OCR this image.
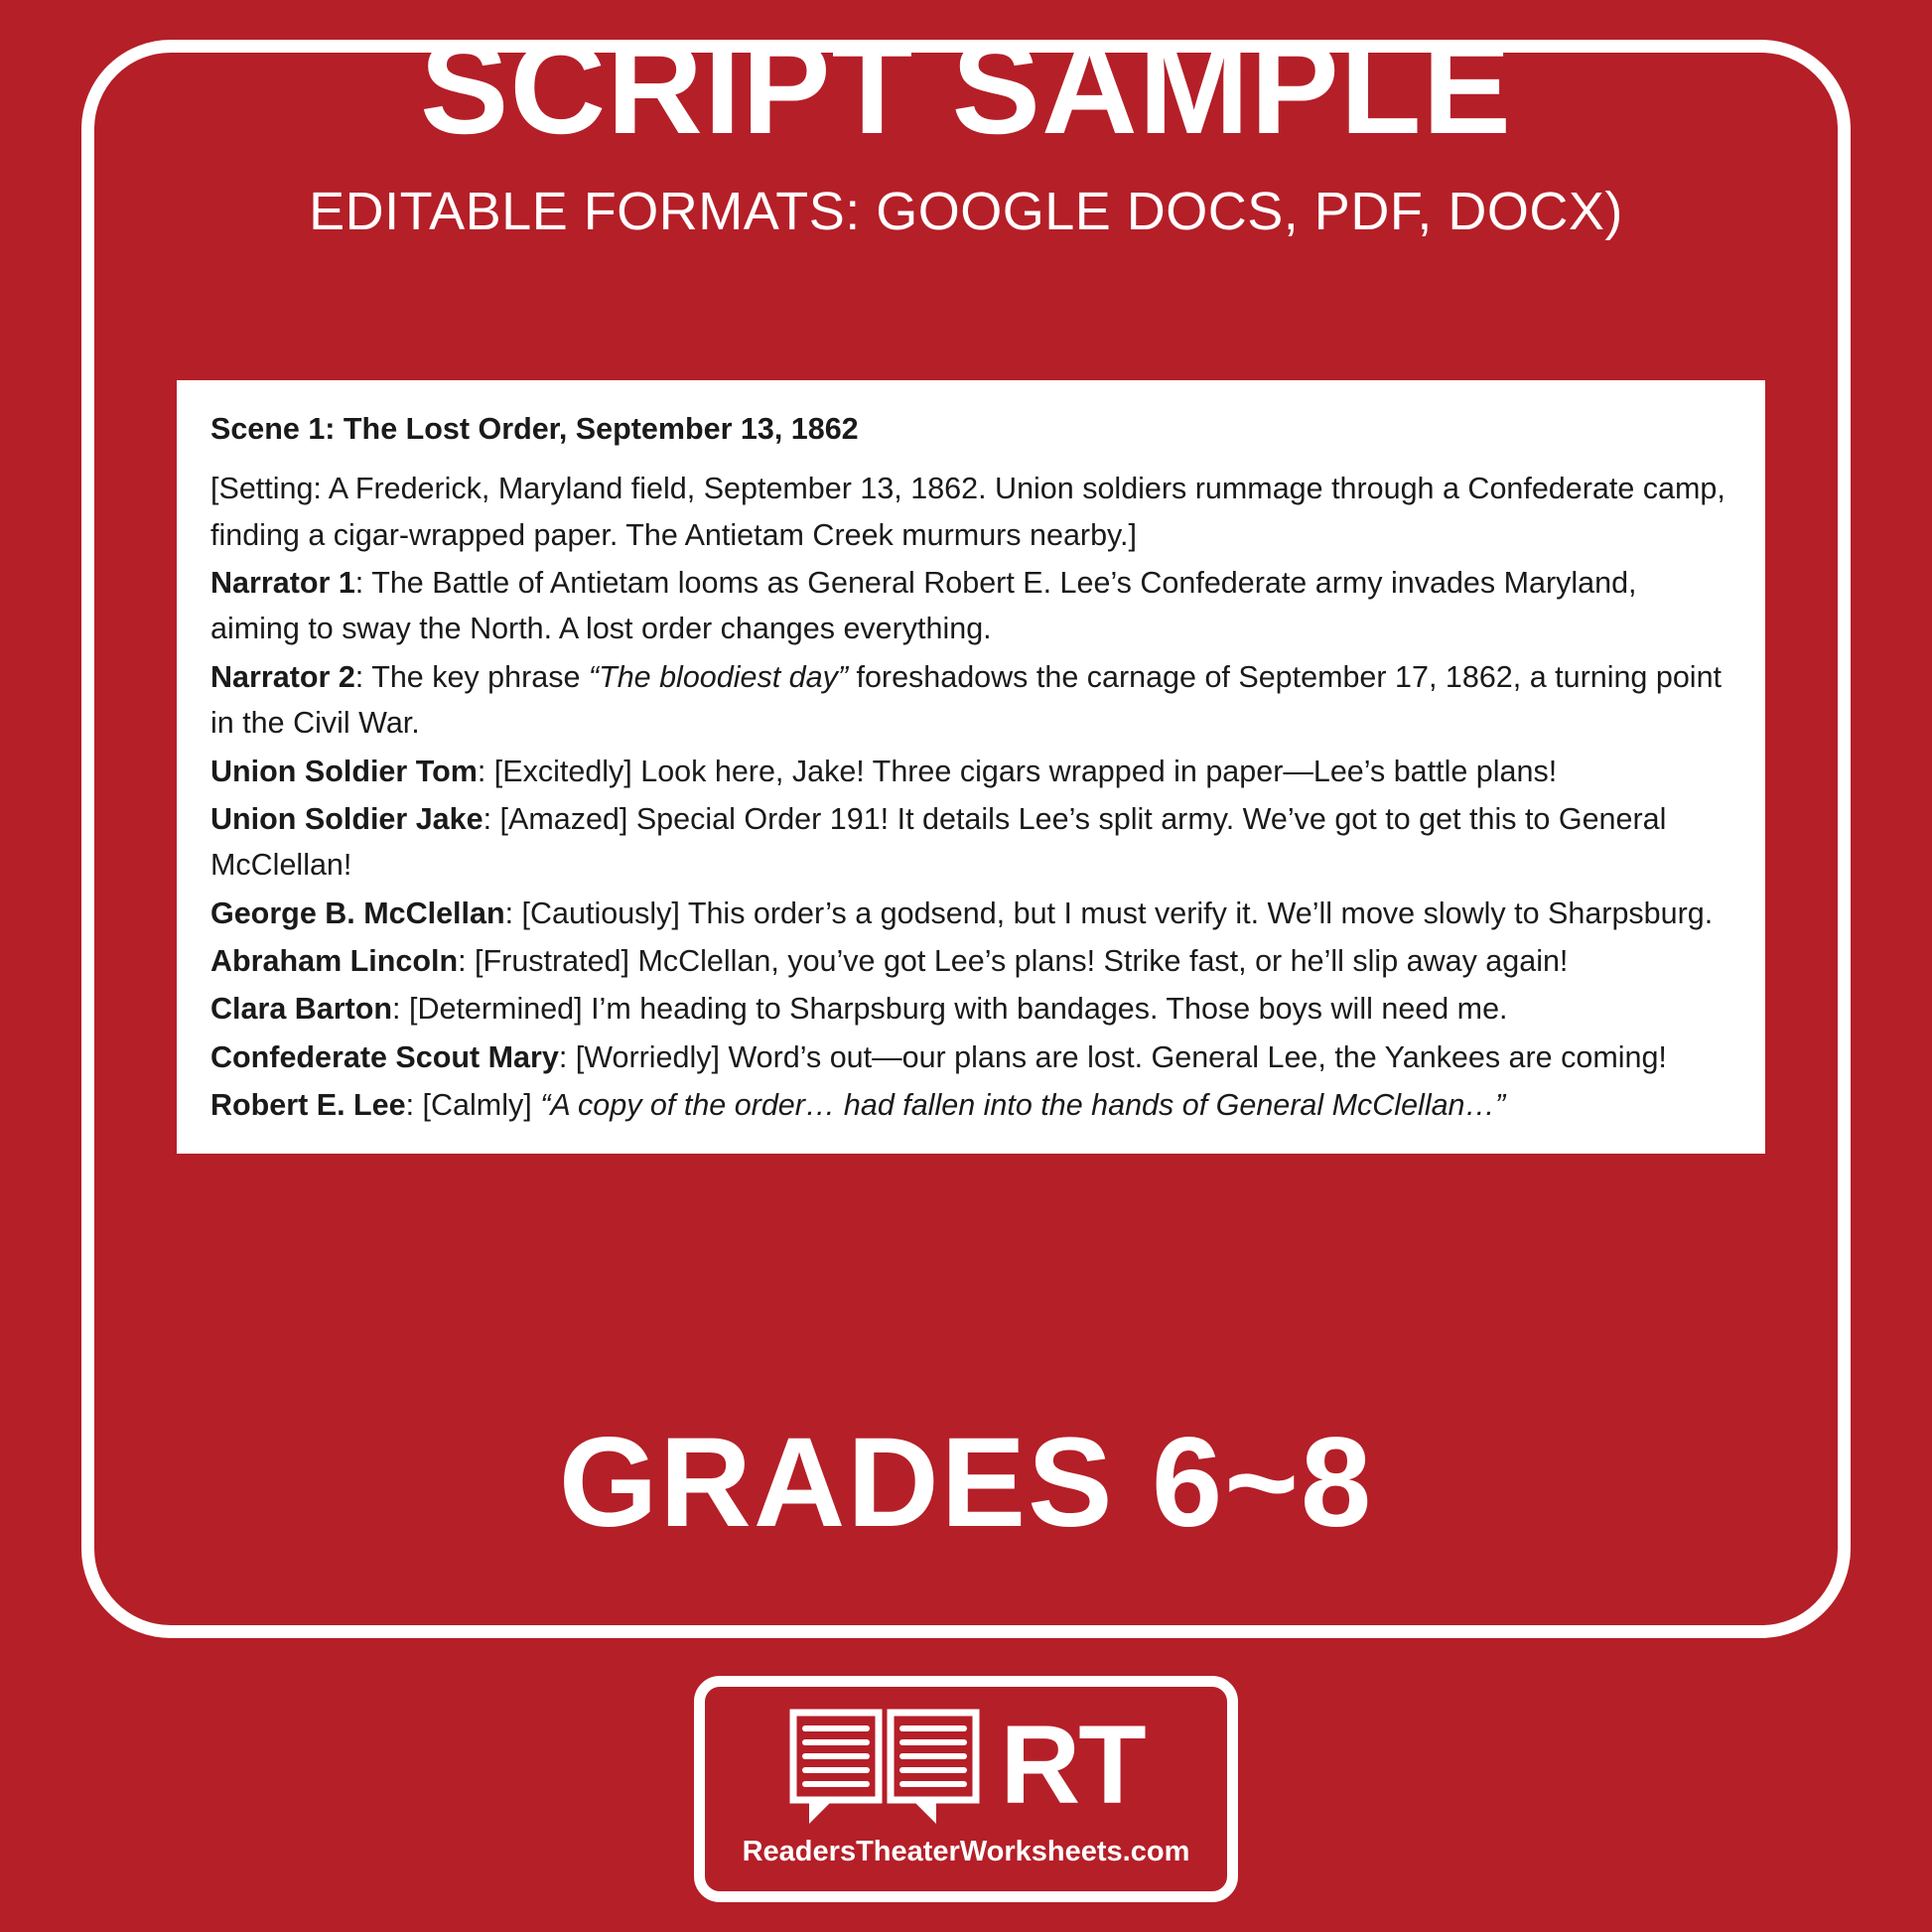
SCRIPT SAMPLE
EDITABLE FORMATS: GOOGLE DOCS, PDF, DOCX)

Scene 1: The Lost Order, September 13, 1862

[Setting: A Frederick, Maryland field, September 13, 1862. Union soldiers rummage through a Confederate camp, finding a cigar-wrapped paper. The Antietam Creek murmurs nearby.]

Narrator 1: The Battle of Antietam looms as General Robert E. Lee’s Confederate army invades Maryland, aiming to sway the North. A lost order changes everything.

Narrator 2: The key phrase “The bloodiest day” foreshadows the carnage of September 17, 1862, a turning point in the Civil War.

Union Soldier Tom: [Excitedly] Look here, Jake! Three cigars wrapped in paper—Lee’s battle plans!

Union Soldier Jake: [Amazed] Special Order 191! It details Lee’s split army. We’ve got to get this to General McClellan!

George B. McClellan: [Cautiously] This order’s a godsend, but I must verify it. We’ll move slowly to Sharpsburg.

Abraham Lincoln: [Frustrated] McClellan, you’ve got Lee’s plans! Strike fast, or he’ll slip away again!

Clara Barton: [Determined] I’m heading to Sharpsburg with bandages. Those boys will need me.

Confederate Scout Mary: [Worriedly] Word’s out—our plans are lost. General Lee, the Yankees are coming!

Robert E. Lee: [Calmly] “A copy of the order… had fallen into the hands of General McClellan…”

GRADES 6~8
RT
ReadersTheaterWorksheets.com
